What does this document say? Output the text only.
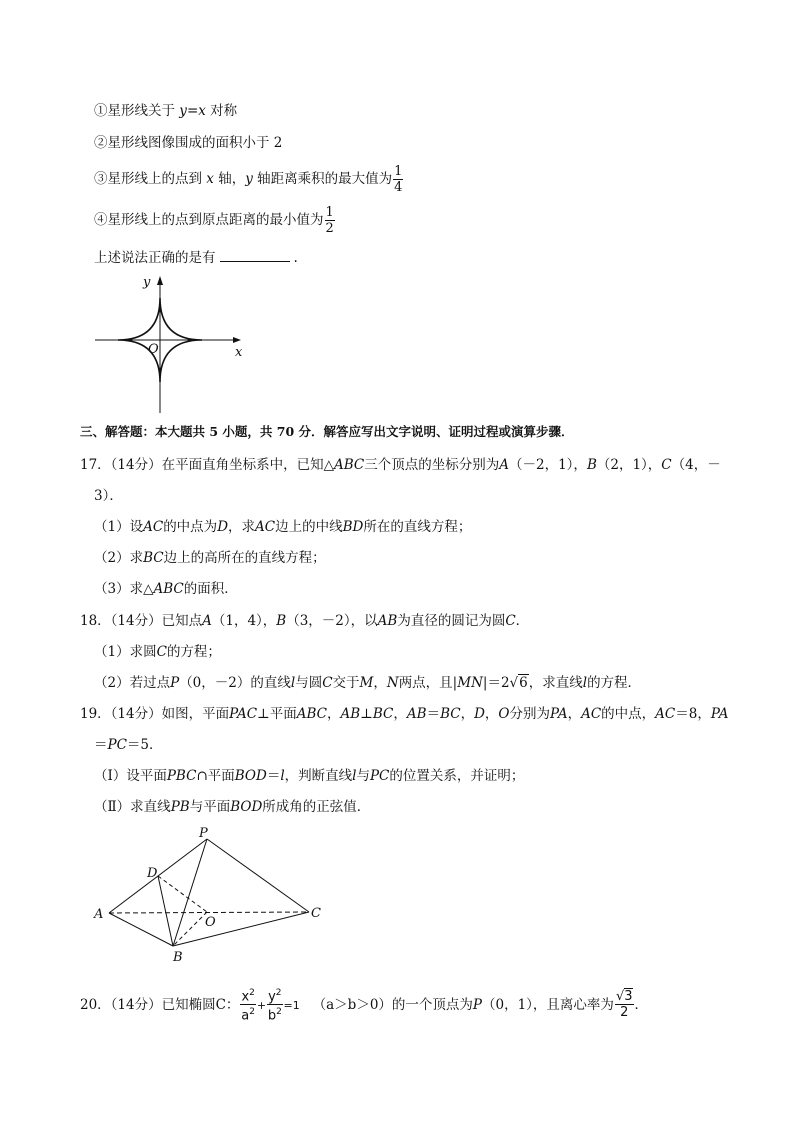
①星形线关于 y=x 对称
②星形线图像围成的面积小于 2
③星形线上的点到 x 轴，y 轴距离乘积的最大值为 $\frac{1}{4}$
④星形线上的点到原点距离的最小值为 $\frac{1}{2}$
上述说法正确的是有	.
y
x
O
三、解答题：本大题共 5 小题，共 70 分．解答应写出文字说明、证明过程或演算步骤．
17．（14分）在平面直角坐标系中，已知△ABC三个顶点的坐标分别为A（－2，1），B（2，1），C（4，－
3）．
（1）设AC的中点为D，求AC边上的中线BD所在的直线方程；
（2）求BC边上的高所在的直线方程；
（3）求△ABC的面积．
18．（14分）已知点A（1，4），B（3，－2），以AB为直径的圆记为圆C．
（1）求圆C的方程；
（2）若过点P（0，－2）的直线l与圆C交于M，N两点，且|MN|＝2√6，求直线l的方程．
19．（14分）如图，平面PAC⊥平面ABC，AB⊥BC，AB＝BC，D，O分别为PA，AC的中点，AC＝8，PA
＝PC＝5．
（Ⅰ）设平面PBC∩平面BOD＝l，判断直线l与PC的位置关系，并证明；
（Ⅱ）求直线PB与平面BOD所成角的正弦值．
P
D
A
O
C
B
20．（14分）已知椭圆C： $\frac{x^2}{a^2} + \frac{y^2}{b^2} =1$ （a＞b＞0）的一个顶点为P（0，1），且离心率为 $\frac{√3}{2}$ ．
